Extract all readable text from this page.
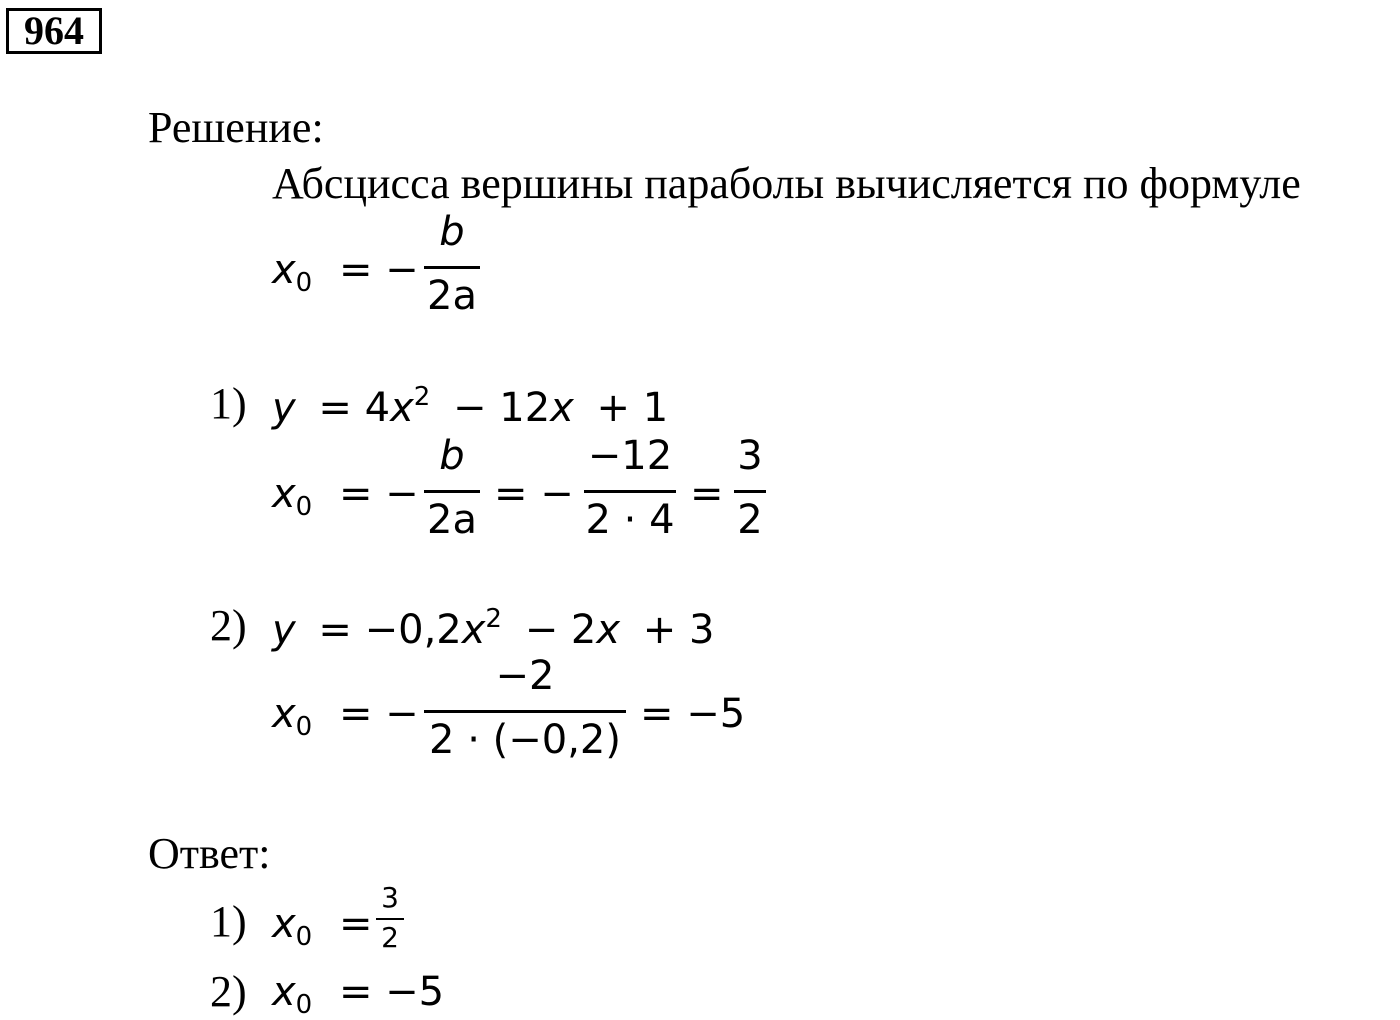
964
Решение:
Абсцисса вершины параболы вычисляется по формуле
$x_0$ = −
b
2a
1) $y = 4x^2 - 12x + 1$
$x_0$ = −
b
2a
= −
−12
2 · 4
=
3
2
2) $y = -0,2x^2 - 2x + 3$
$x_0$ = −
−2
2 · (−0,2)
= −5
Ответ:
1) $x_0$ =
3
2
2) $x_0 = -5$
